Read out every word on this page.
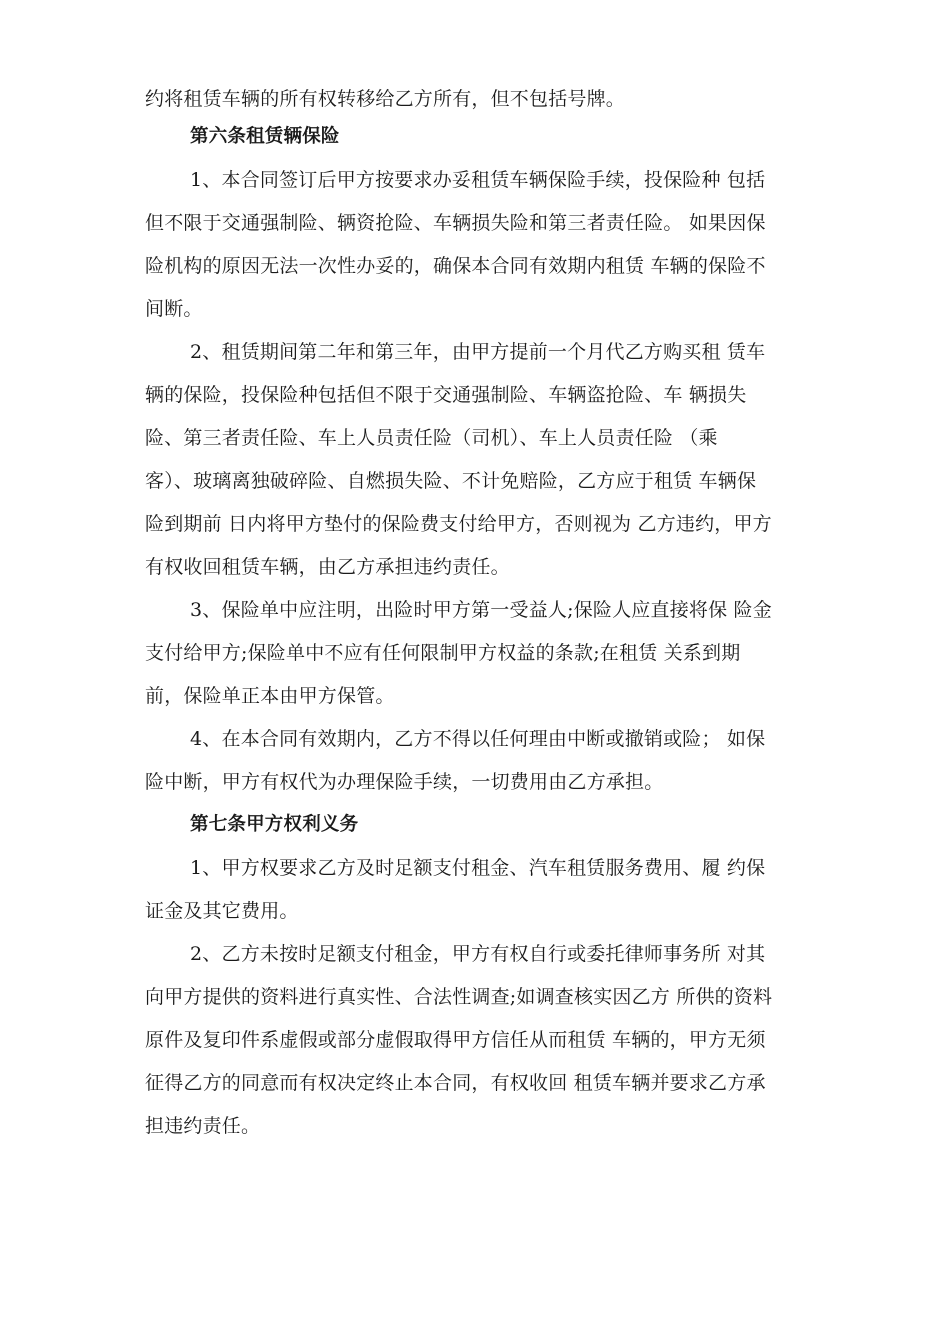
约将租赁车辆的所有权转移给乙方所有，但不包括号牌。

第六条租赁辆保险

1、本合同签订后甲方按要求办妥租赁车辆保险手续，投保险种 包括

但不限于交通强制险、辆资抢险、车辆损失险和第三者责任险。 如果因保

险机构的原因无法一次性办妥的，确保本合同有效期内租赁 车辆的保险不

间断。

2、租赁期间第二年和第三年，由甲方提前一个月代乙方购买租 赁车

辆的保险，投保险种包括但不限于交通强制险、车辆盗抢险、车 辆损失

险、第三者责任险、车上人员责任险（司机）、车上人员责任险 （乘

客）、玻璃离独破碎险、自燃损失险、不计免赔险，乙方应于租赁 车辆保

险到期前 日内将甲方垫付的保险费支付给甲方，否则视为 乙方违约，甲方

有权收回租赁车辆，由乙方承担违约责任。

3、保险单中应注明，出险时甲方第一受益人;保险人应直接将保 险金

支付给甲方;保险单中不应有任何限制甲方权益的条款;在租赁 关系到期

前，保险单正本由甲方保管。

4、在本合同有效期内，乙方不得以任何理由中断或撤销或险； 如保

险中断，甲方有权代为办理保险手续，一切费用由乙方承担。

第七条甲方权利义务

1、甲方权要求乙方及时足额支付租金、汽车租赁服务费用、履 约保

证金及其它费用。

2、乙方未按时足额支付租金，甲方有权自行或委托律师事务所 对其

向甲方提供的资料进行真实性、合法性调查;如调查核实因乙方 所供的资料

原件及复印件系虚假或部分虚假取得甲方信任从而租赁 车辆的，甲方无须

征得乙方的同意而有权决定终止本合同，有权收回 租赁车辆并要求乙方承

担违约责任。
